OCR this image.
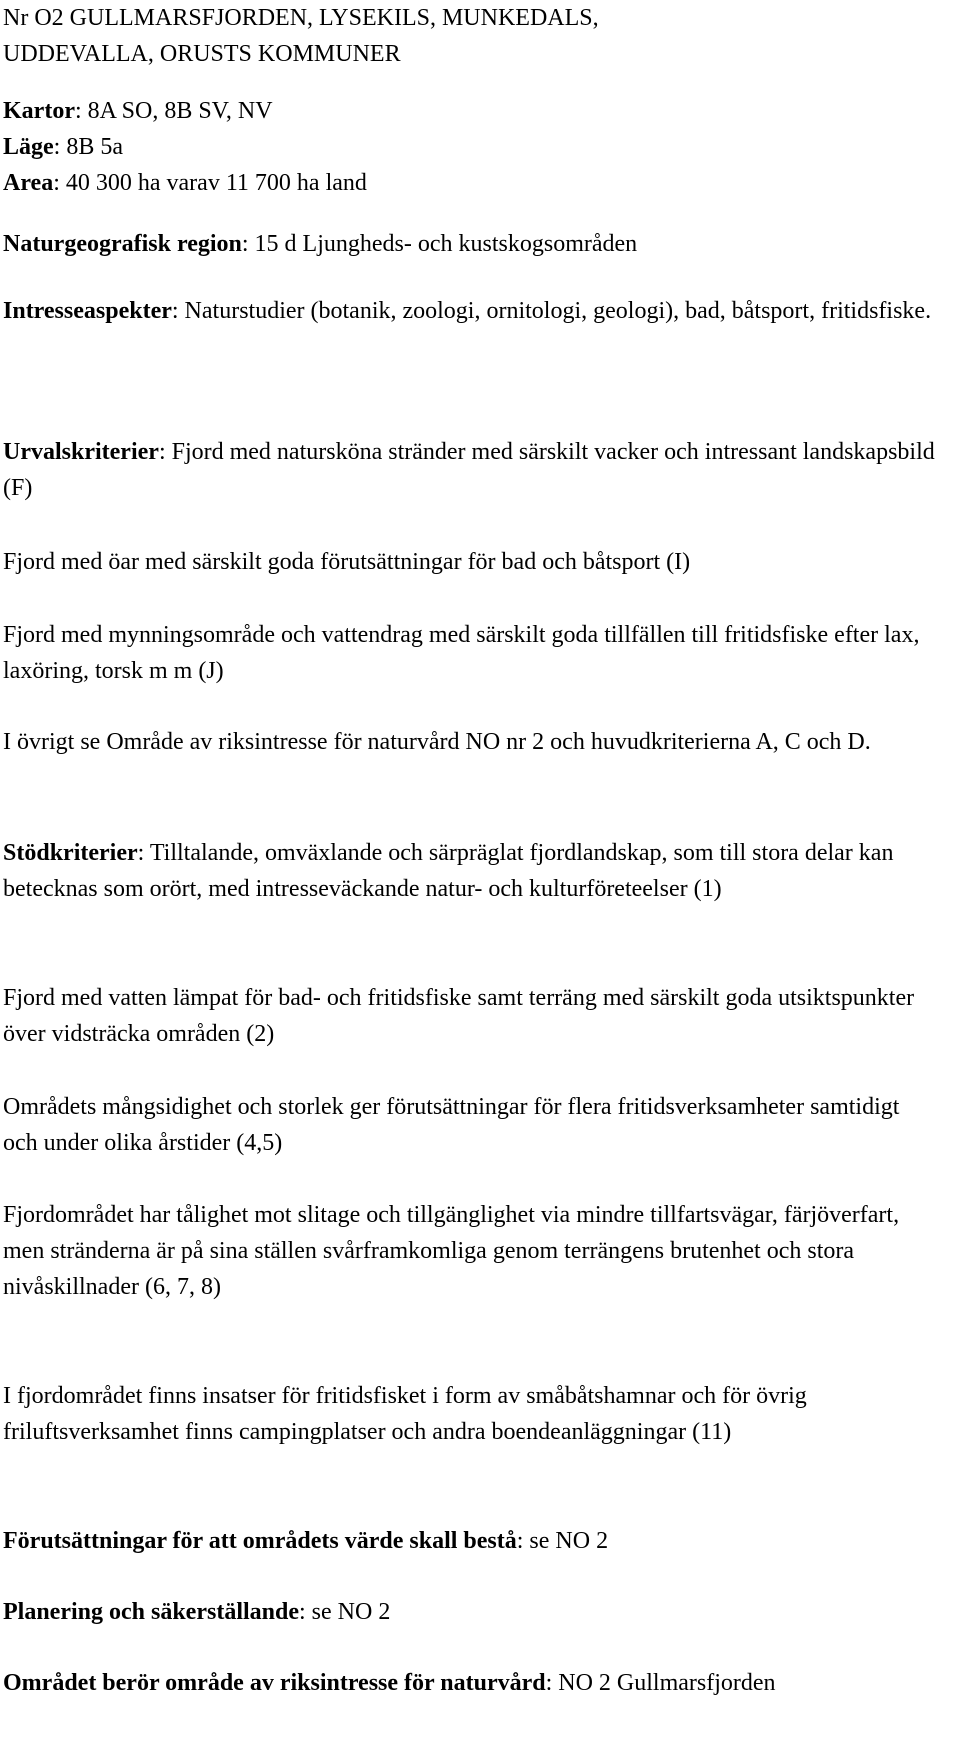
Nr O2 GULLMARSFJORDEN, LYSEKILS, MUNKEDALS,
UDDEVALLA, ORUSTS KOMMUNER

Kartor: 8A SO, 8B SV, NV
Läge: 8B 5a
Area: 40 300 ha varav 11 700 ha land

Naturgeografisk region: 15 d Ljungheds- och kustskogsområden

Intresseaspekter: Naturstudier (botanik, zoologi, ornitologi, geologi), bad, båtsport, fritidsfiske.

Urvalskriterier: Fjord med natursköna stränder med särskilt vacker och intressant landskapsbild (F)

Fjord med öar med särskilt goda förutsättningar för bad och båtsport (I)

Fjord med mynningsområde och vattendrag med särskilt goda tillfällen till fritidsfiske efter lax, laxöring, torsk m m (J)

I övrigt se Område av riksintresse för naturvård NO nr 2 och huvudkriterierna A, C och D.

Stödkriterier: Tilltalande, omväxlande och särpräglat fjordlandskap, som till stora delar kan betecknas som orört, med intresseväckande natur- och kulturföreteelser (1)

Fjord med vatten lämpat för bad- och fritidsfiske samt terräng med särskilt goda utsiktspunkter över vidsträcka områden (2)

Områdets mångsidighet och storlek ger förutsättningar för flera fritidsverksamheter samtidigt och under olika årstider (4,5)

Fjordområdet har tålighet mot slitage och tillgänglighet via mindre tillfartsvägar, färjöverfart, men stränderna är på sina ställen svårframkomliga genom terrängens brutenhet och stora nivåskillnader (6, 7, 8)

I fjordområdet finns insatser för fritidsfisket i form av småbåtshamnar och för övrig friluftsverksamhet finns campingplatser och andra boendeanläggningar (11)

Förutsättningar för att områdets värde skall bestå: se NO 2

Planering och säkerställande: se NO 2

Området berör område av riksintresse för naturvård: NO 2 Gullmarsfjorden
